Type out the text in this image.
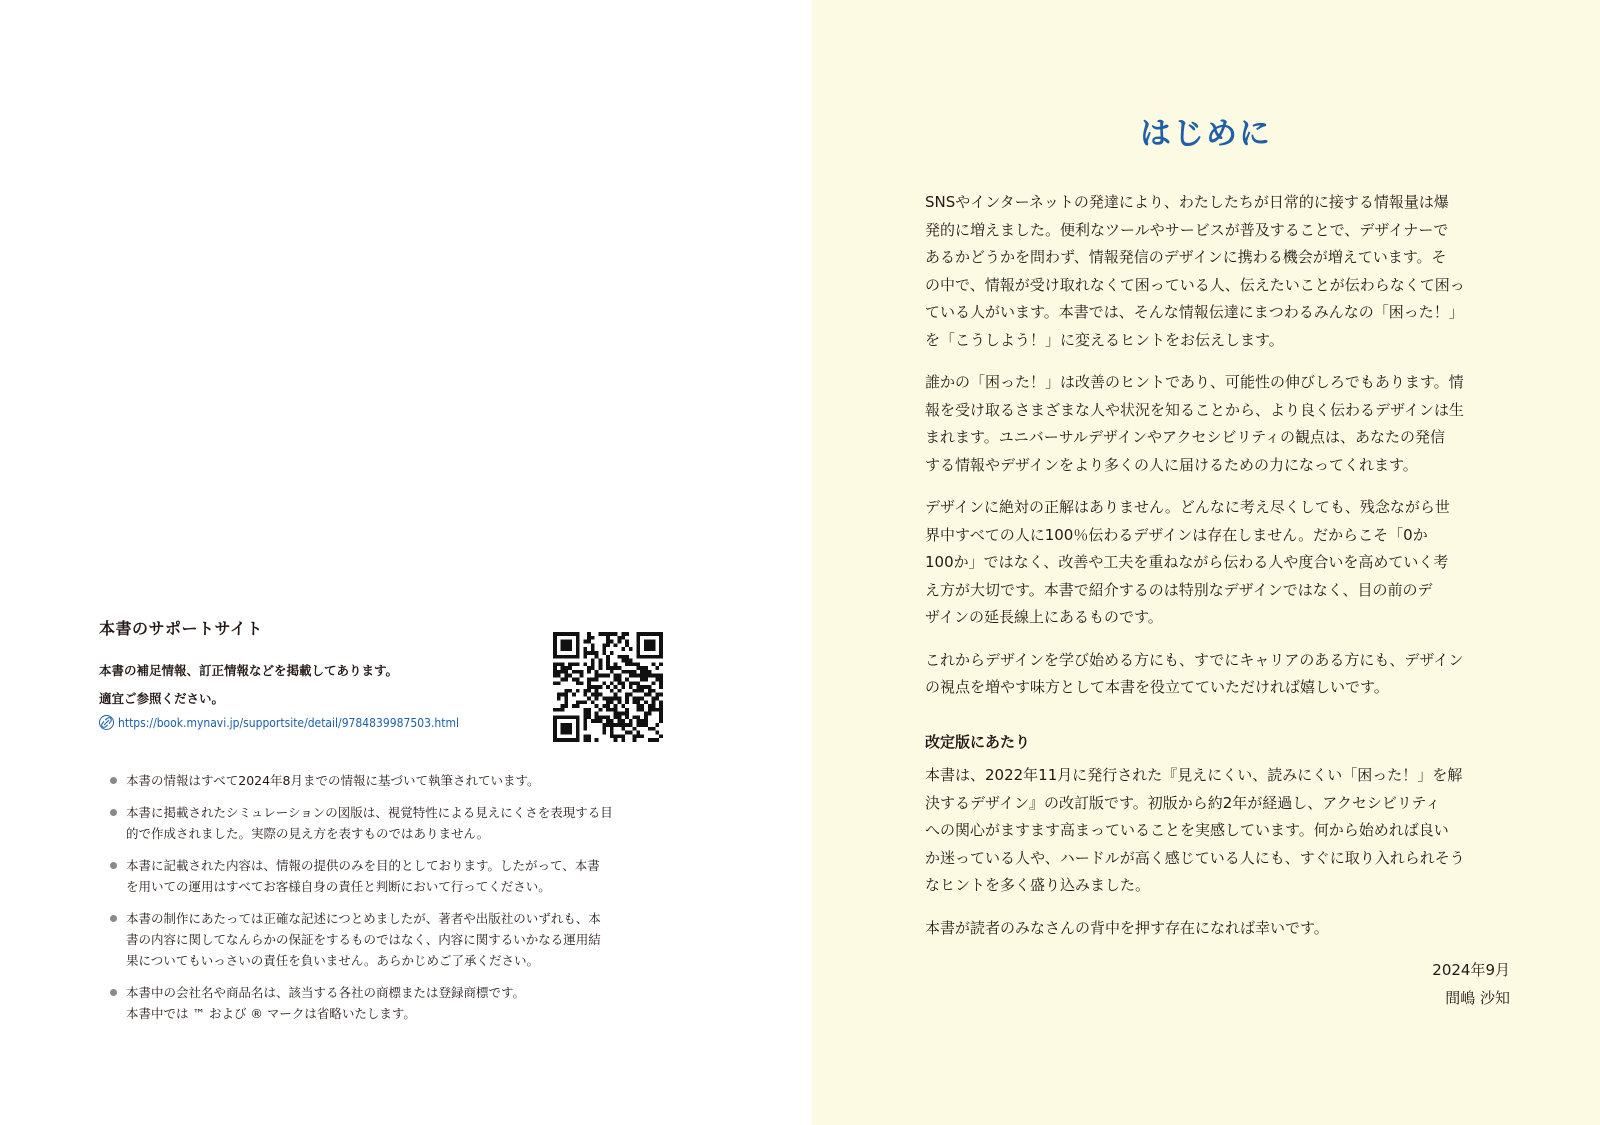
はじめに
本書のサポートサイト
本書の補足情報、訂正情報などを掲載してあります。
適宜ご参照ください。
https://book.mynavi.jp/supportsite/detail/9784839987503.html
本書の情報はすべて2024年8月までの情報に基づいて執筆されています。
本書に掲載されたシミュレーションの図版は、視覚特性による見えにくさを表現する目
的で作成されました。実際の見え方を表すものではありません。
本書に記載された内容は、情報の提供のみを目的としております。したがって、本書
を用いての運用はすべてお客様自身の責任と判断において行ってください。
本書の制作にあたっては正確な記述につとめましたが、著者や出版社のいずれも、本
書の内容に関してなんらかの保証をするものではなく、内容に関するいかなる運用結
果についてもいっさいの責任を負いません。あらかじめご了承ください。
本書中の会社名や商品名は、該当する各社の商標または登録商標です。
本書中では ™ および ® マークは省略いたします。

SNSやインターネットの発達により、わたしたちが日常的に接する情報量は爆
発的に増えました。便利なツールやサービスが普及することで、デザイナーで
あるかどうかを問わず、情報発信のデザインに携わる機会が増えています。そ
の中で、情報が受け取れなくて困っている人、伝えたいことが伝わらなくて困っ
ている人がいます。本書では、そんな情報伝達にまつわるみんなの「困った！」
を「こうしよう！」に変えるヒントをお伝えします。

誰かの「困った！」は改善のヒントであり、可能性の伸びしろでもあります。情
報を受け取るさまざまな人や状況を知ることから、より良く伝わるデザインは生
まれます。ユニバーサルデザインやアクセシビリティの観点は、あなたの発信
する情報やデザインをより多くの人に届けるための力になってくれます。

デザインに絶対の正解はありません。どんなに考え尽くしても、残念ながら世
界中すべての人に100％伝わるデザインは存在しません。だからこそ「0か
100か」ではなく、改善や工夫を重ねながら伝わる人や度合いを高めていく考
え方が大切です。本書で紹介するのは特別なデザインではなく、目の前のデ
ザインの延長線上にあるものです。

これからデザインを学び始める方にも、すでにキャリアのある方にも、デザイン
の視点を増やす味方として本書を役立てていただければ嬉しいです。

改定版にあたり

本書は、2022年11月に発行された『見えにくい、読みにくい「困った！」を解
決するデザイン』の改訂版です。初版から約2年が経過し、アクセシビリティ
への関心がますます高まっていることを実感しています。何から始めれば良い
か迷っている人や、ハードルが高く感じている人にも、すぐに取り入れられそう
なヒントを多く盛り込みました。

本書が読者のみなさんの背中を押す存在になれば幸いです。

2024年9月
間嶋 沙知
